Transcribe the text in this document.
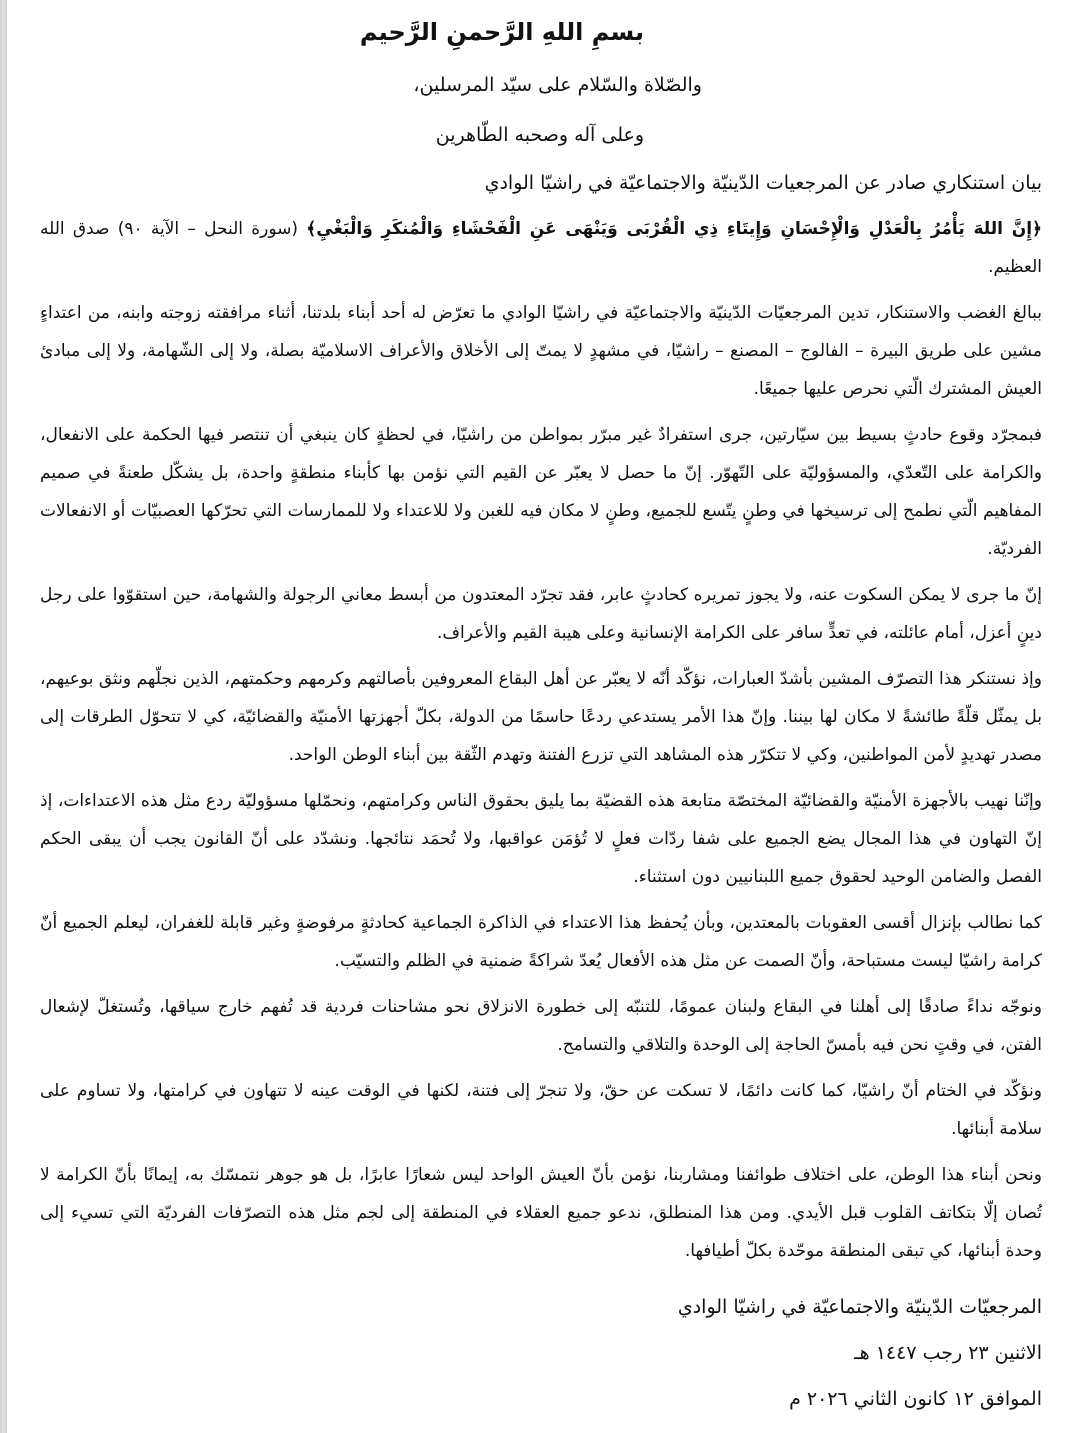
بسمِ اللهِ الرَّحمنِ الرَّحيم
والصّلاة والسّلام على سيّد المرسلين،
وعلى آله وصحبه الطّاهرين
بيان استنكاري صادر عن المرجعيات الدّينيّة والاجتماعيّة في راشيّا الوادي

﴿إِنَّ اللهَ يَأْمُرُ بِالْعَدْلِ وَالْإِحْسَانِ وَإِيتَاءِ ذِي الْقُرْبَى وَيَنْهَى عَنِ الْفَحْشَاءِ وَالْمُنكَرِ وَالْبَغْيِ﴾ (سورة النحل – الآية ٩٠) صدق الله العظيم.

ببالغ الغضب والاستنكار، تدين المرجعيّات الدّينيّة والاجتماعيّة في راشيّا الوادي ما تعرّض له أحد أبناء بلدتنا، أثناء مرافقته زوجته وابنه، من اعتداءٍ مشين على طريق البيرة – الفالوج – المصنع – راشيّا، في مشهدٍ لا يمتّ إلى الأخلاق والأعراف الاسلاميّة بصلة، ولا إلى الشّهامة، ولا إلى مبادئ العيش المشترك الّتي نحرص عليها جميعًا.

فبمجرّد وقوع حادثٍ بسيط بين سيّارتين، جرى استفرادٌ غير مبرّر بمواطن من راشيّا، في لحظةٍ كان ينبغي أن تنتصر فيها الحكمة على الانفعال، والكرامة على التّعدّي، والمسؤوليّة على التّهوّر. إنّ ما حصل لا يعبّر عن القيم التي نؤمن بها كأبناء منطقةٍ واحدة، بل يشكّل طعنةً في صميم المفاهيم الّتي نطمح إلى ترسيخها في وطنٍ يتّسع للجميع، وطنٍ لا مكان فيه للغبن ولا للاعتداء ولا للممارسات التي تحرّكها العصبيّات أو الانفعالات الفرديّة.

إنّ ما جرى لا يمكن السكوت عنه، ولا يجوز تمريره كحادثٍ عابر، فقد تجرّد المعتدون من أبسط معاني الرجولة والشهامة، حين استقوّوا على رجل دينٍ أعزل، أمام عائلته، في تعدٍّ سافر على الكرامة الإنسانية وعلى هيبة القيم والأعراف.

وإذ نستنكر هذا التصرّف المشين بأشدّ العبارات، نؤكّد أنّه لا يعبّر عن أهل البقاع المعروفين بأصالتهم وكرمهم وحكمتهم، الذين نجلّهم ونثق بوعيهم، بل يمثّل قلّةً طائشةً لا مكان لها بيننا. وإنّ هذا الأمر يستدعي ردعًا حاسمًا من الدولة، بكلّ أجهزتها الأمنيّة والقضائيّة، كي لا تتحوّل الطرقات إلى مصدر تهديدٍ لأمن المواطنين، وكي لا تتكرّر هذه المشاهد التي تزرع الفتنة وتهدم الثّقة بين أبناء الوطن الواحد.

وإنّنا نهيب بالأجهزة الأمنيّة والقضائيّة المختصّة متابعة هذه القضيّة بما يليق بحقوق الناس وكرامتهم، ونحمّلها مسؤوليّة ردع مثل هذه الاعتداءات، إذ إنّ التهاون في هذا المجال يضع الجميع على شفا ردّات فعلٍ لا تُؤمَن عواقبها، ولا تُحمَد نتائجها. ونشدّد على أنّ القانون يجب أن يبقى الحكم الفصل والضامن الوحيد لحقوق جميع اللبنانيين دون استثناء.

كما نطالب بإنزال أقسى العقوبات بالمعتدين، وبأن يُحفظ هذا الاعتداء في الذاكرة الجماعية كحادثةٍ مرفوضةٍ وغير قابلة للغفران، ليعلم الجميع أنّ كرامة راشيّا ليست مستباحة، وأنّ الصمت عن مثل هذه الأفعال يُعدّ شراكةً ضمنية في الظلم والتسيّب.

ونوجّه نداءً صادقًا إلى أهلنا في البقاع ولبنان عمومًا، للتنبّه إلى خطورة الانزلاق نحو مشاحنات فردية قد تُفهم خارج سياقها، وتُستغلّ لإشعال الفتن، في وقتٍ نحن فيه بأمسّ الحاجة إلى الوحدة والتلاقي والتسامح.

ونؤكّد في الختام أنّ راشيّا، كما كانت دائمًا، لا تسكت عن حقّ، ولا تنجرّ إلى فتنة، لكنها في الوقت عينه لا تتهاون في كرامتها، ولا تساوم على سلامة أبنائها.

ونحن أبناء هذا الوطن، على اختلاف طوائفنا ومشاربنا، نؤمن بأنّ العيش الواحد ليس شعارًا عابرًا، بل هو جوهر نتمسّك به، إيمانًا بأنّ الكرامة لا تُصان إلّا بتكاتف القلوب قبل الأيدي. ومن هذا المنطلق، ندعو جميع العقلاء في المنطقة إلى لجم مثل هذه التصرّفات الفرديّة التي تسيء إلى وحدة أبنائها، كي تبقى المنطقة موحّدة بكلّ أطيافها.

المرجعيّات الدّينيّة والاجتماعيّة في راشيّا الوادي
الاثنين ٢٣ رجب ١٤٤٧ هـ
الموافق ١٢ كانون الثاني ٢٠٢٦ م
